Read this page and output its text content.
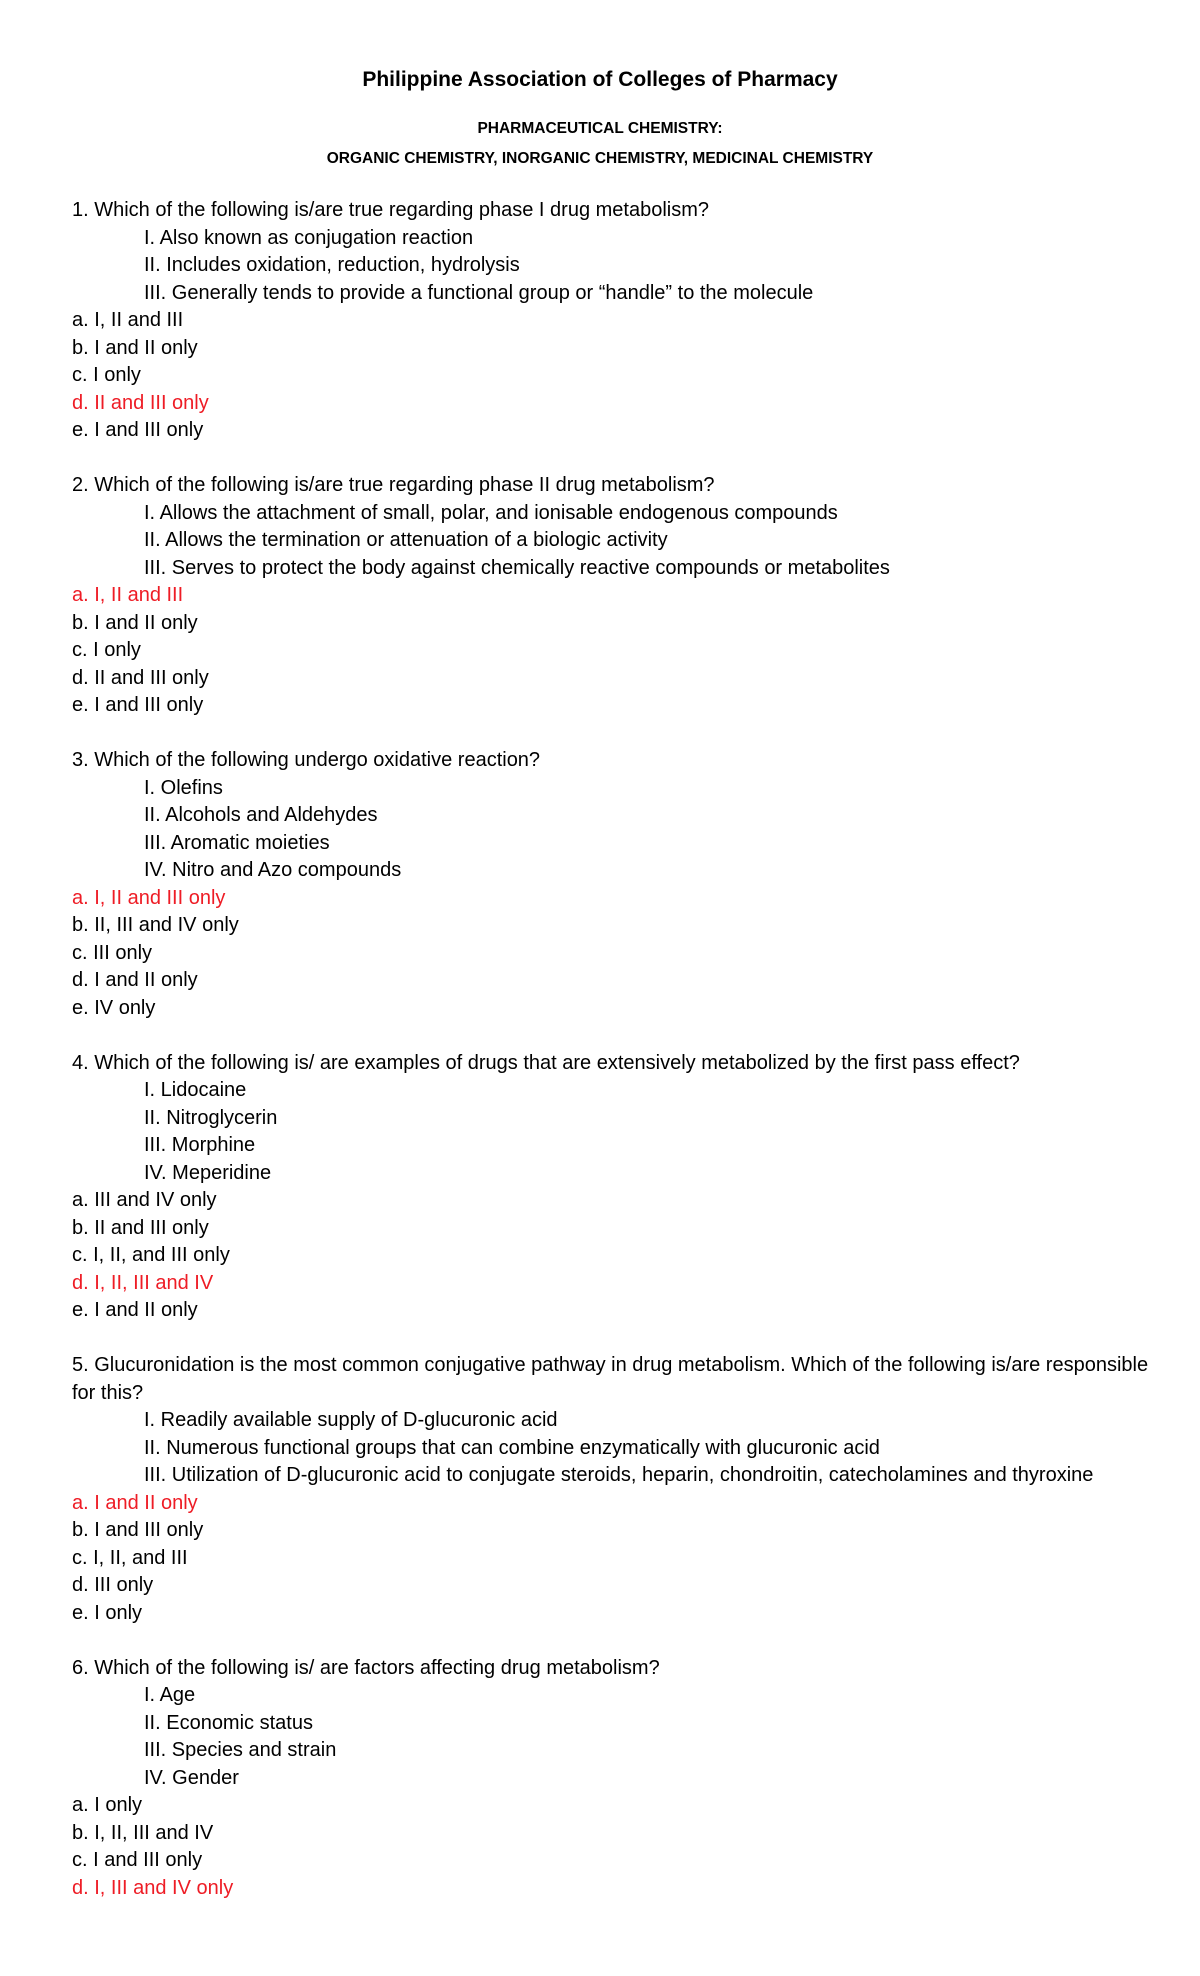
Philippine Association of Colleges of Pharmacy
PHARMACEUTICAL CHEMISTRY:
ORGANIC CHEMISTRY, INORGANIC CHEMISTRY, MEDICINAL CHEMISTRY
1. Which of the following is/are true regarding phase I drug metabolism?
I. Also known as conjugation reaction
II. Includes oxidation, reduction, hydrolysis
III. Generally tends to provide a functional group or “handle” to the molecule
a. I, II and III
b. I and II only
c. I only
d. II and III only
e. I and III only
2. Which of the following is/are true regarding phase II drug metabolism?
I. Allows the attachment of small, polar, and ionisable endogenous compounds
II. Allows the termination or attenuation of a biologic activity
III. Serves to protect the body against chemically reactive compounds or metabolites
a. I, II and III
b. I and II only
c. I only
d. II and III only
e. I and III only
3. Which of the following undergo oxidative reaction?
I. Olefins
II. Alcohols and Aldehydes
III. Aromatic moieties
IV. Nitro and Azo compounds
a. I, II and III only
b. II, III and IV only
c. III only
d. I and II only
e. IV only
4. Which of the following is/ are examples of drugs that are extensively metabolized by the first pass effect?
I. Lidocaine
II. Nitroglycerin
III. Morphine
IV. Meperidine
a. III and IV only
b. II and III only
c. I, II, and III only
d. I, II, III and IV
e. I and II only
5. Glucuronidation is the most common conjugative pathway in drug metabolism. Which of the following is/are responsible for this?
I. Readily available supply of D-glucuronic acid
II. Numerous functional groups that can combine enzymatically with glucuronic acid
III. Utilization of D-glucuronic acid to conjugate steroids, heparin, chondroitin, catecholamines and thyroxine
a. I and II only
b. I and III only
c. I, II, and III
d. III only
e. I only
6. Which of the following is/ are factors affecting drug metabolism?
I. Age
II. Economic status
III. Species and strain
IV. Gender
a. I only
b. I, II, III and IV
c. I and III only
d. I, III and IV only
